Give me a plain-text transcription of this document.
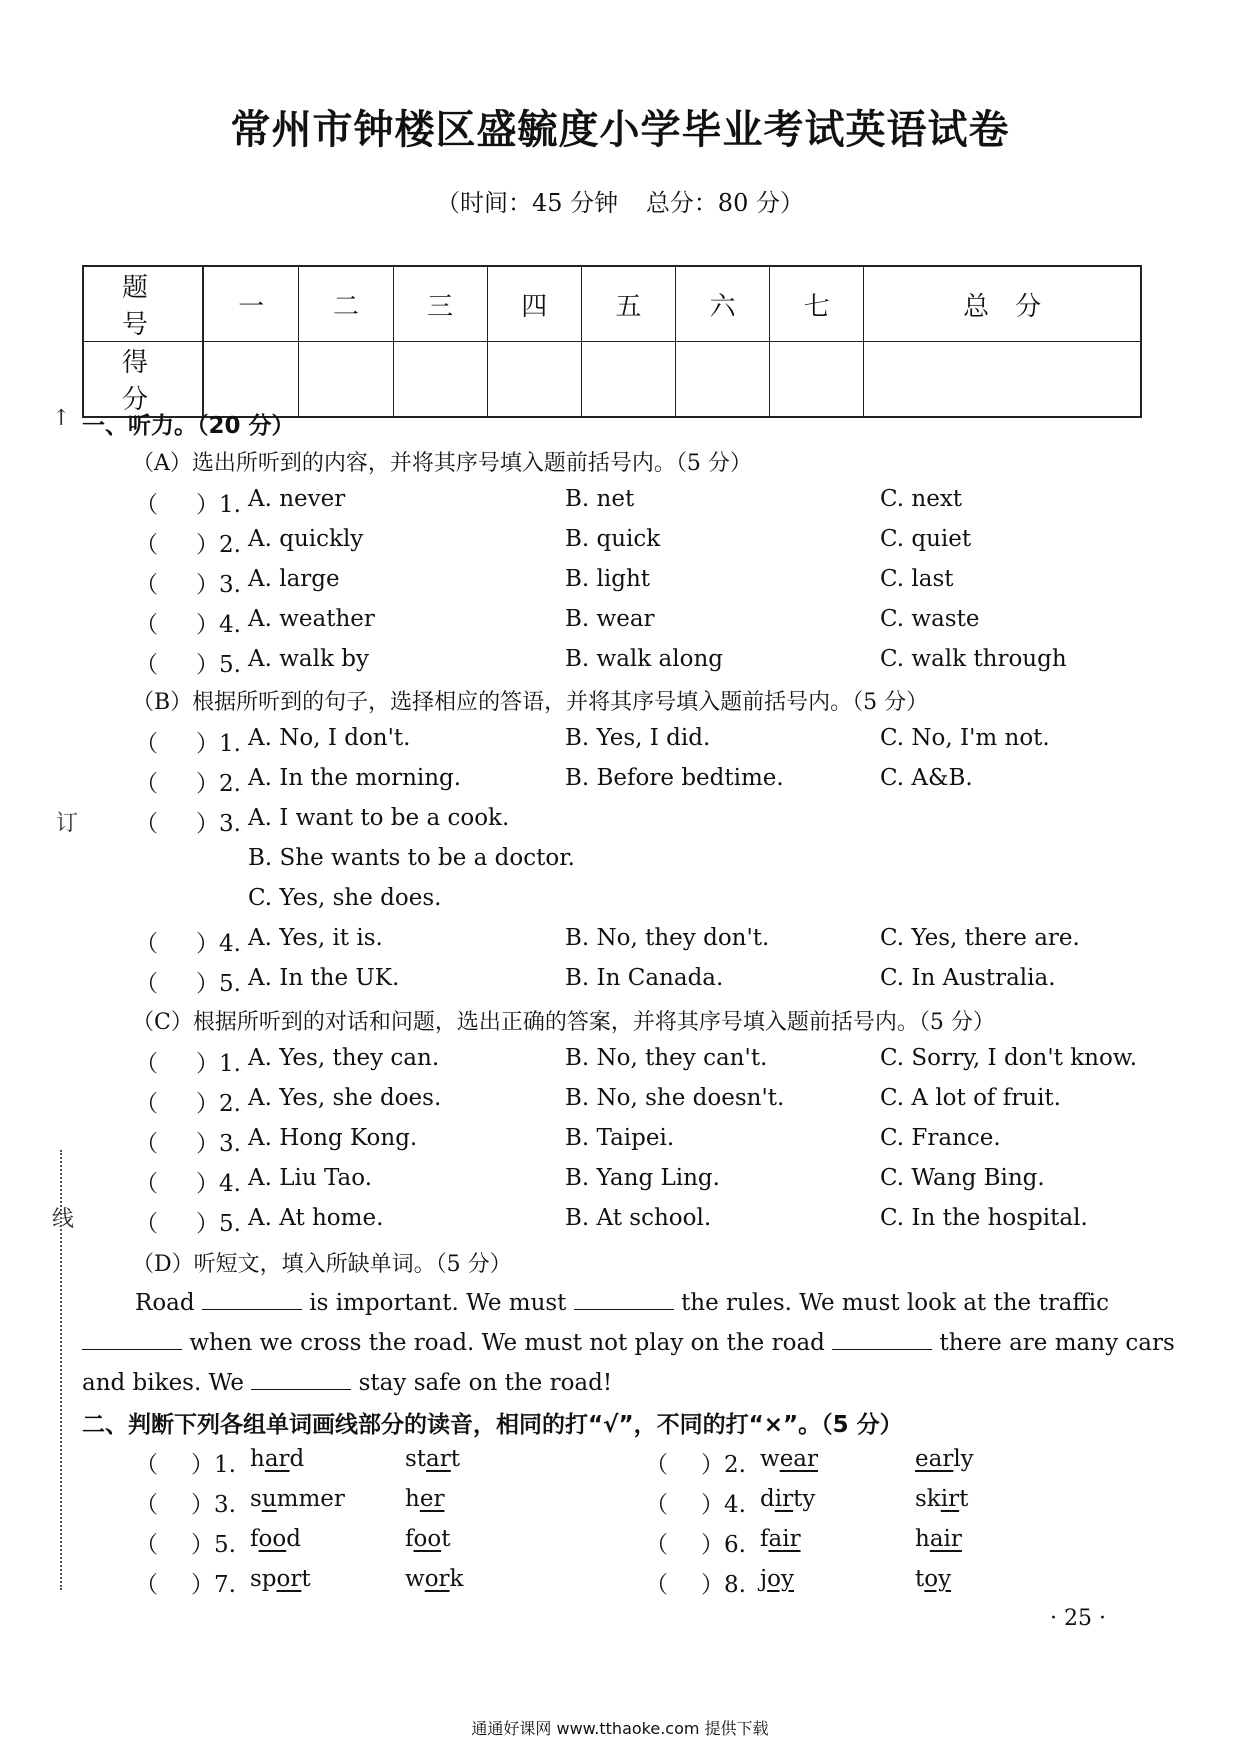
常州市钟楼区盛毓度小学毕业考试英语试卷
（时间：45 分钟 总分：80 分）
题　号	一	二	三	四	五	六	七	总　分
得　分								
↑
订
线
一、听力。（20 分）
（A）选出所听到的内容，并将其序号填入题前括号内。（5 分）
（B）根据所听到的句子，选择相应的答语，并将其序号填入题前括号内。（5 分）
（C）根据所听到的对话和问题，选出正确的答案，并将其序号填入题前括号内。（5 分）
（D）听短文，填入所缺单词。（5 分）
Road	is important. We must	the rules. We must look at the traffic
when we cross the road. We must not play on the road	there are many cars
and bikes. We	stay safe on the road!
二、判断下列各组单词画线部分的读音，相同的打“√”，不同的打“×”。（5 分）
· 25 ·
通通好课网 www.tthaoke.com 提供下载
（ ）1. A. never	B. net	C. next
（ ）2. A. quickly	B. quick	C. quiet
（ ）3. A. large	B. light	C. last
（ ）4. A. weather	B. wear	C. waste
（ ）5. A. walk by	B. walk along	C. walk through
（ ）1. A. No, I don't.	B. Yes, I did.	C. No, I'm not.
（ ）2. A. In the morning.	B. Before bedtime.	C. A&B.
（ ）3. A. I want to be a cook.
B. She wants to be a doctor.
C. Yes, she does.
（ ）4. A. Yes, it is.	B. No, they don't.	C. Yes, there are.
（ ）5. A. In the UK.	B. In Canada.	C. In Australia.
（ ）1. A. Yes, they can.	B. No, they can't.	C. Sorry, I don't know.
（ ）2. A. Yes, she does.	B. No, she doesn't.	C. A lot of fruit.
（ ）3. A. Hong Kong.	B. Taipei.	C. France.
（ ）4. A. Liu Tao.	B. Yang Ling.	C. Wang Bing.
（ ）5. A. At home.	B. At school.	C. In the hospital.
（ ）1. hard	start	（ ）2. wear	early
（ ）3. summer	her	（ ）4. dirty	skirt
（ ）5. food	foot	（ ）6. fair	hair
（ ）7. sport	work	（ ）8. joy	toy
